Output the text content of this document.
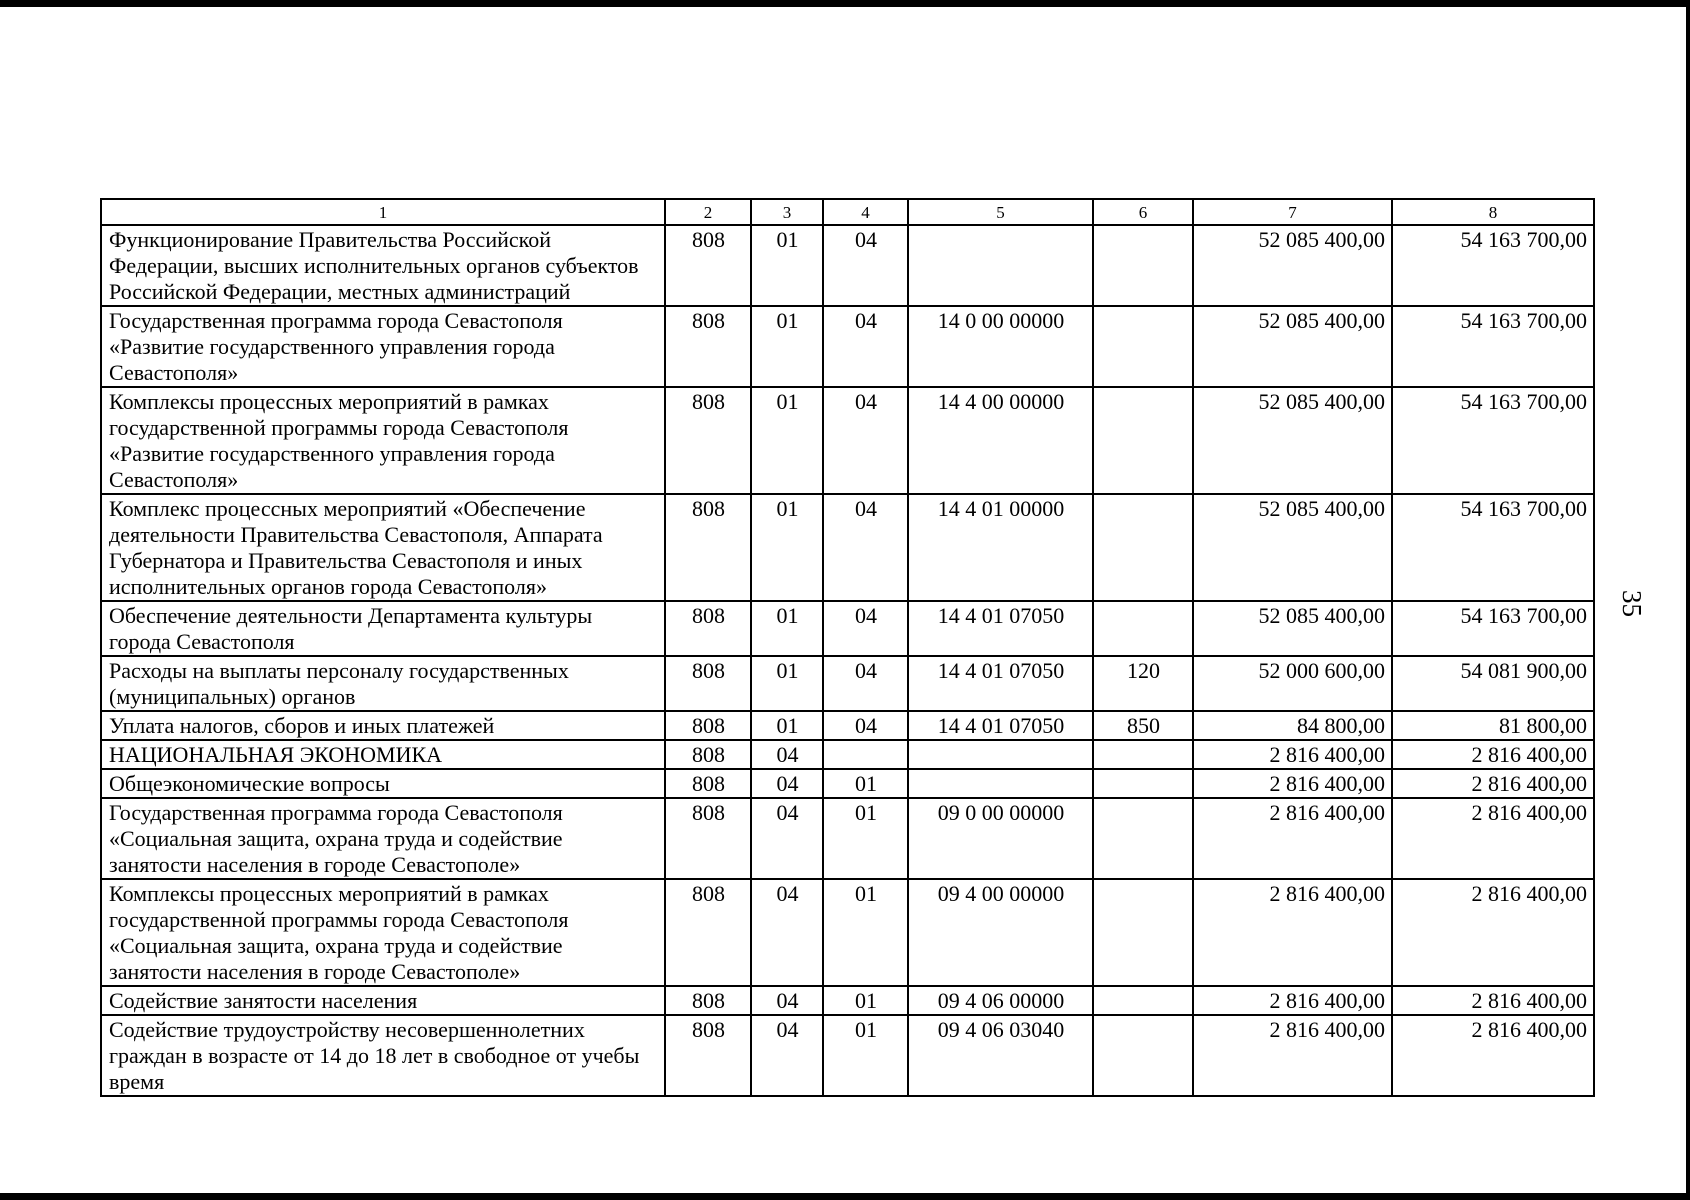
35
1	2	3	4	5	6	7	8
Функционирование Правительства Российской Федерации, высших исполнительных органов субъектов Российской Федерации, местных администраций	808	01	04			52 085 400,00	54 163 700,00
Государственная программа города Севастополя «Развитие государственного управления города Севастополя»	808	01	04	14 0 00 00000		52 085 400,00	54 163 700,00
Комплексы процессных мероприятий в рамках государственной программы города Севастополя «Развитие государственного управления города Севастополя»	808	01	04	14 4 00 00000		52 085 400,00	54 163 700,00
Комплекс процессных мероприятий «Обеспечение деятельности Правительства Севастополя, Аппарата Губернатора и Правительства Севастополя и иных исполнительных органов города Севастополя»	808	01	04	14 4 01 00000		52 085 400,00	54 163 700,00
Обеспечение деятельности Департамента культуры города Севастополя	808	01	04	14 4 01 07050		52 085 400,00	54 163 700,00
Расходы на выплаты персоналу государственных (муниципальных) органов	808	01	04	14 4 01 07050	120	52 000 600,00	54 081 900,00
Уплата налогов, сборов и иных платежей	808	01	04	14 4 01 07050	850	84 800,00	81 800,00
НАЦИОНАЛЬНАЯ ЭКОНОМИКА	808	04				2 816 400,00	2 816 400,00
Общеэкономические вопросы	808	04	01			2 816 400,00	2 816 400,00
Государственная программа города Севастополя «Социальная защита, охрана труда и содействие занятости населения в городе Севастополе»	808	04	01	09 0 00 00000		2 816 400,00	2 816 400,00
Комплексы процессных мероприятий в рамках государственной программы города Севастополя «Социальная защита, охрана труда и содействие занятости населения в городе Севастополе»	808	04	01	09 4 00 00000		2 816 400,00	2 816 400,00
Содействие занятости населения	808	04	01	09 4 06 00000		2 816 400,00	2 816 400,00
Содействие трудоустройству несовершеннолетних граждан в возрасте от 14 до 18 лет в свободное от учебы время	808	04	01	09 4 06 03040		2 816 400,00	2 816 400,00
